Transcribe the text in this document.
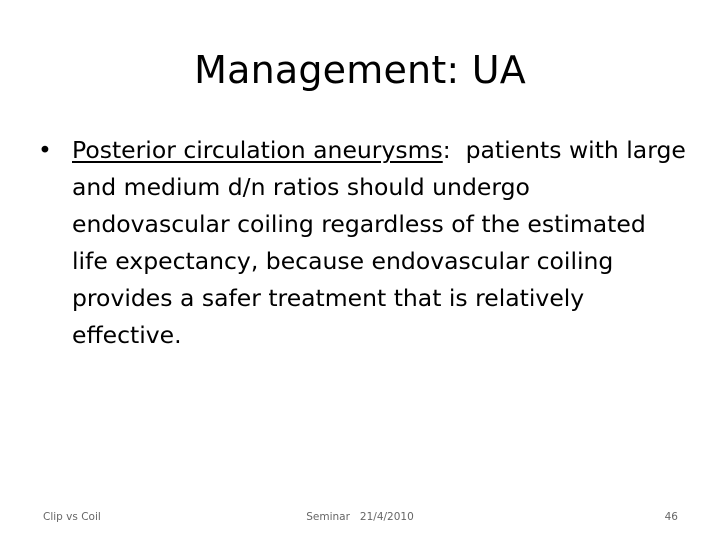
Management: UA
• Posterior circulation aneurysms:  patients with large and medium d/n ratios should undergo endovascular coiling regardless of the estimated life expectancy, because endovascular coiling provides a safer treatment that is relatively effective.
Clip vs Coil	Seminar   21/4/2010	46
